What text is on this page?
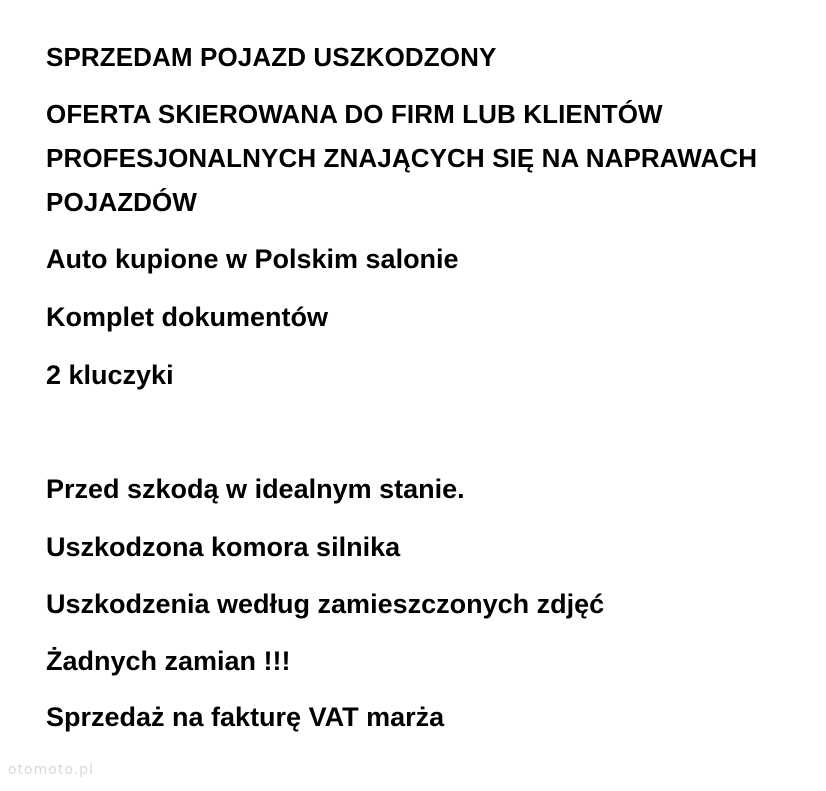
SPRZEDAM POJAZD USZKODZONY
OFERTA SKIEROWANA DO FIRM LUB KLIENTÓW
PROFESJONALNYCH ZNAJĄCYCH SIĘ NA NAPRAWACH
POJAZDÓW
Auto kupione w Polskim salonie
Komplet dokumentów
2 kluczyki
Przed szkodą w idealnym stanie.
Uszkodzona komora silnika
Uszkodzenia według zamieszczonych zdjęć
Żadnych zamian !!!
Sprzedaż na fakturę VAT marża
otomoto.pl
